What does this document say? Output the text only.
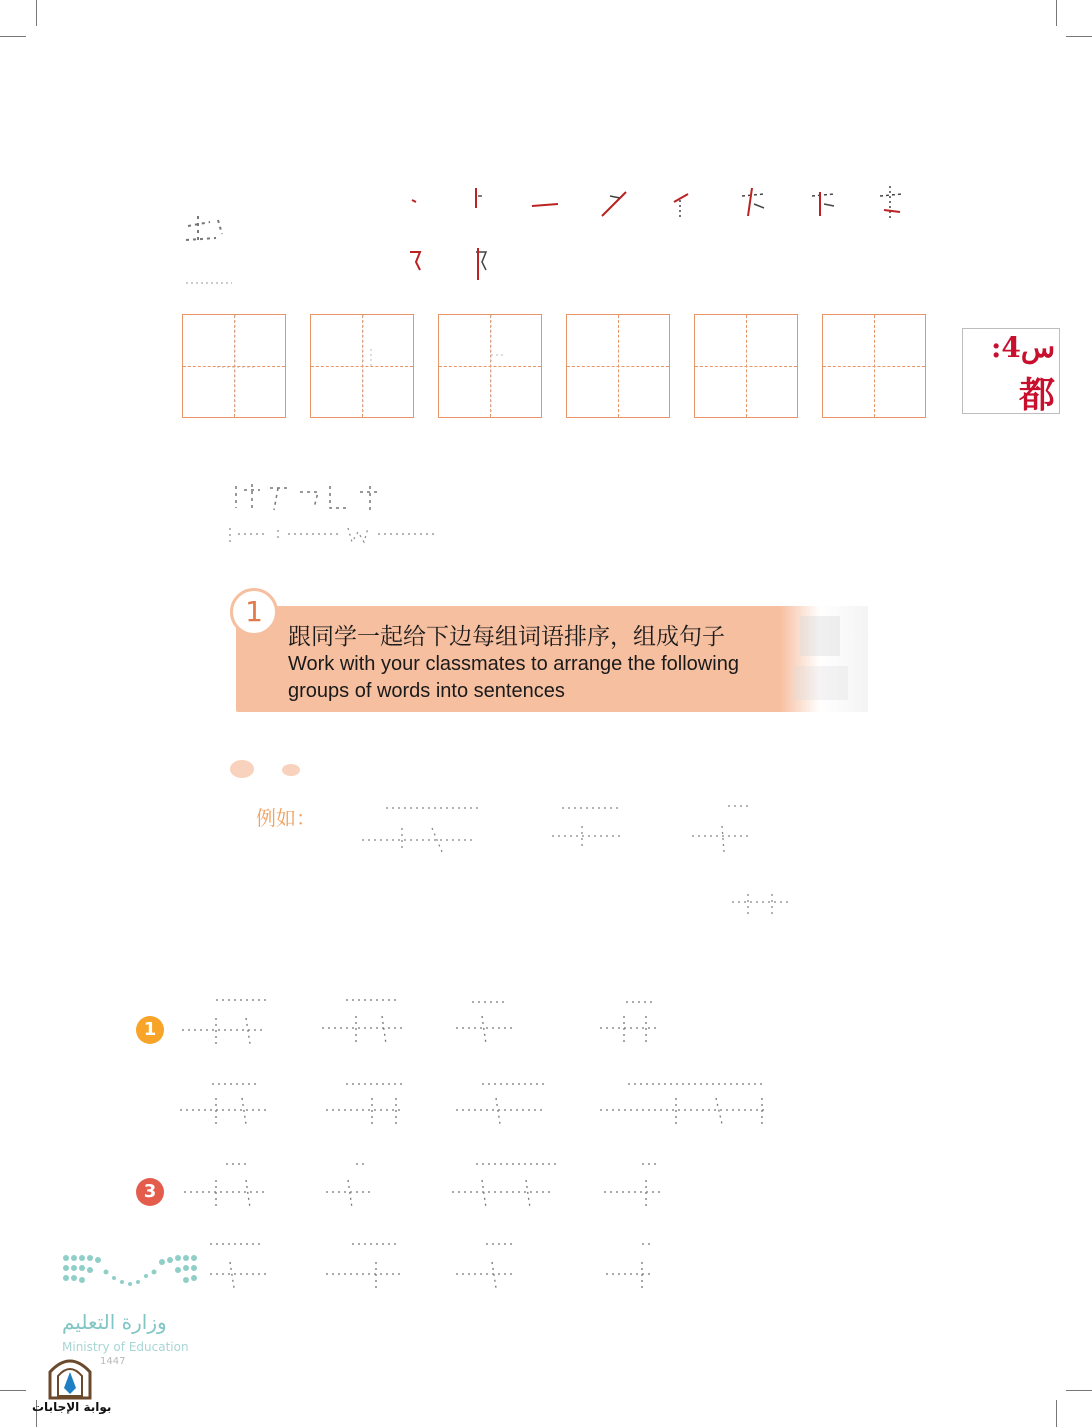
:4س
都
1
跟同学一起给下边每组词语排序，组成句子
Work with your classmates to arrange the following groups of words into sentences
例如：
1
3
وزارة التعليم
Ministry of Education
1447
بوابة الإجابات
